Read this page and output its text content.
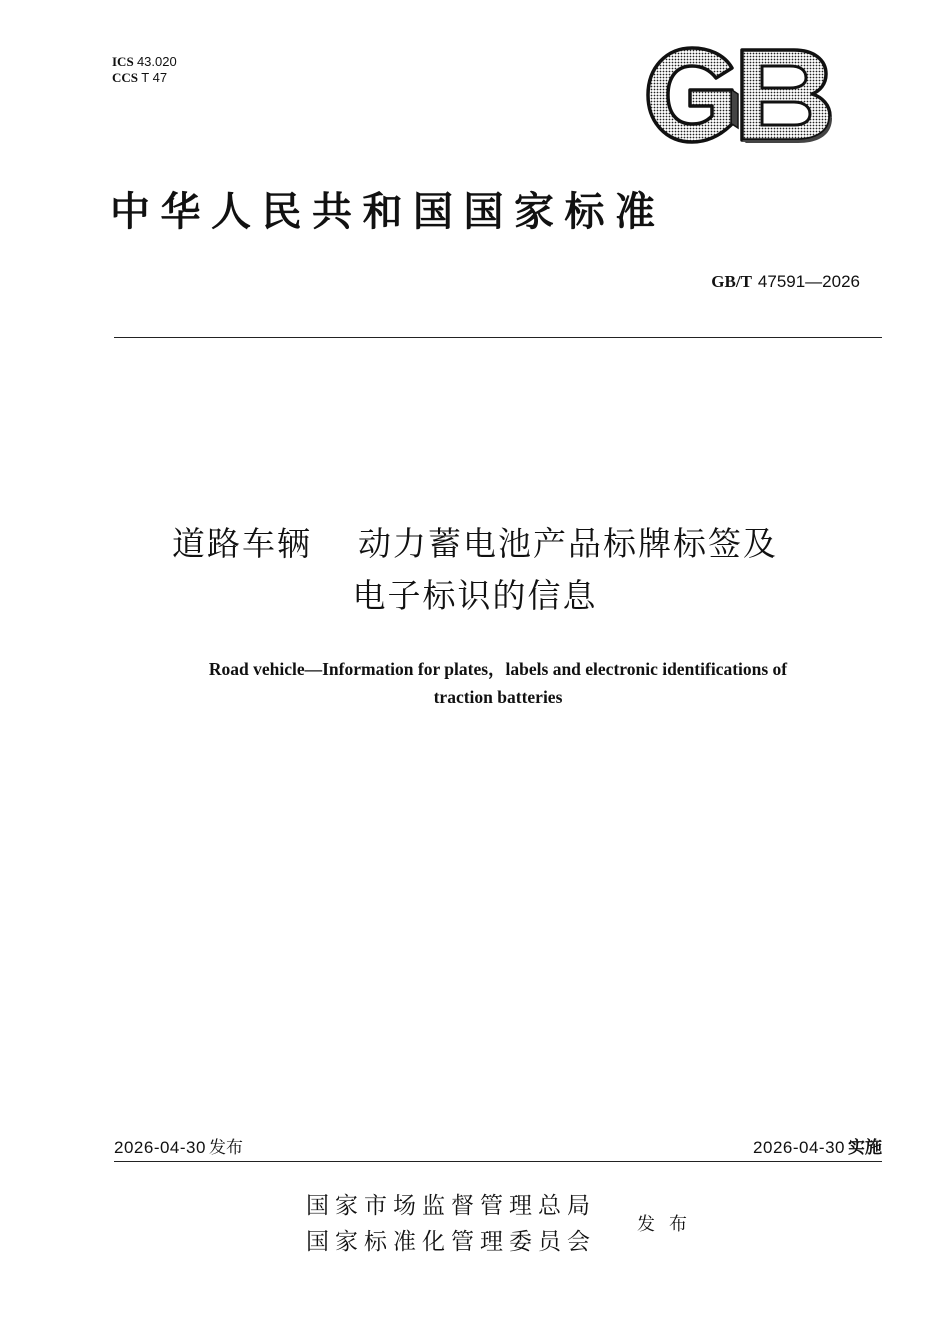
ICS 43.020
CCS T 47
中华人民共和国国家标准
GB/T 47591—2026
道路车辆 动力蓄电池产品标牌标签及
电子标识的信息
Road vehicle—Information for plates，labels and electronic identifications of
traction batteries
2026-04-30 发布	2026-04-30 实施
国家市场监督管理总局
国家标准化管理委员会
发布
